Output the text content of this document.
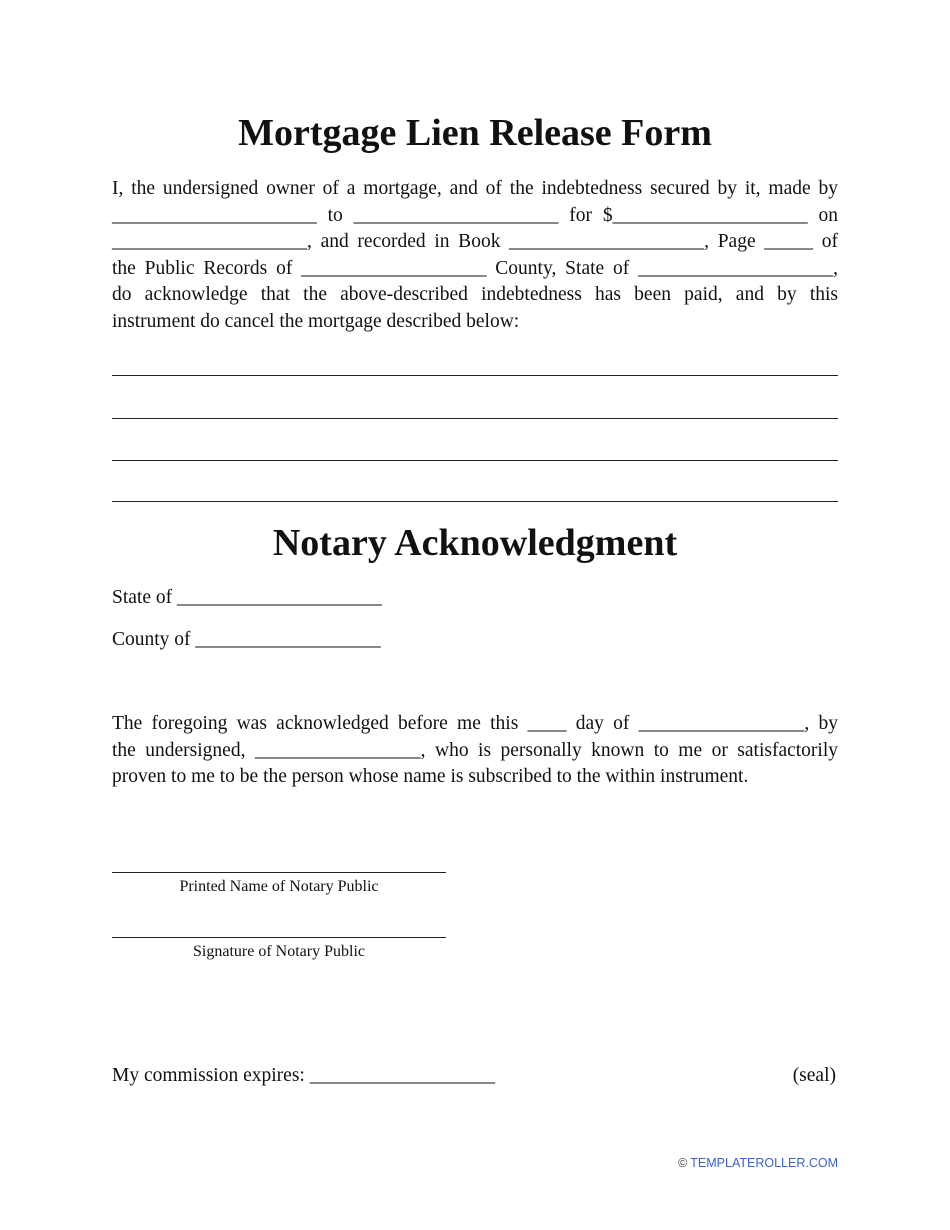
Mortgage Lien Release Form
I, the undersigned owner of a mortgage, and of the indebtedness secured by it, made by
_____________________ to _____________________ for $____________________ on
____________________, and recorded in Book ____________________, Page _____ of
the Public Records of ___________________ County, State of ____________________,
do acknowledge that the above-described indebtedness has been paid, and by this
instrument do cancel the mortgage described below:
Notary Acknowledgment
State of _____________________
County of ___________________
The foregoing was acknowledged before me this ____ day of _________________, by
the undersigned, _________________, who is personally known to me or satisfactorily
proven to me to be the person whose name is subscribed to the within instrument.
Printed Name of Notary Public
Signature of Notary Public
My commission expires: ___________________	(seal)
© TEMPLATEROLLER.COM
